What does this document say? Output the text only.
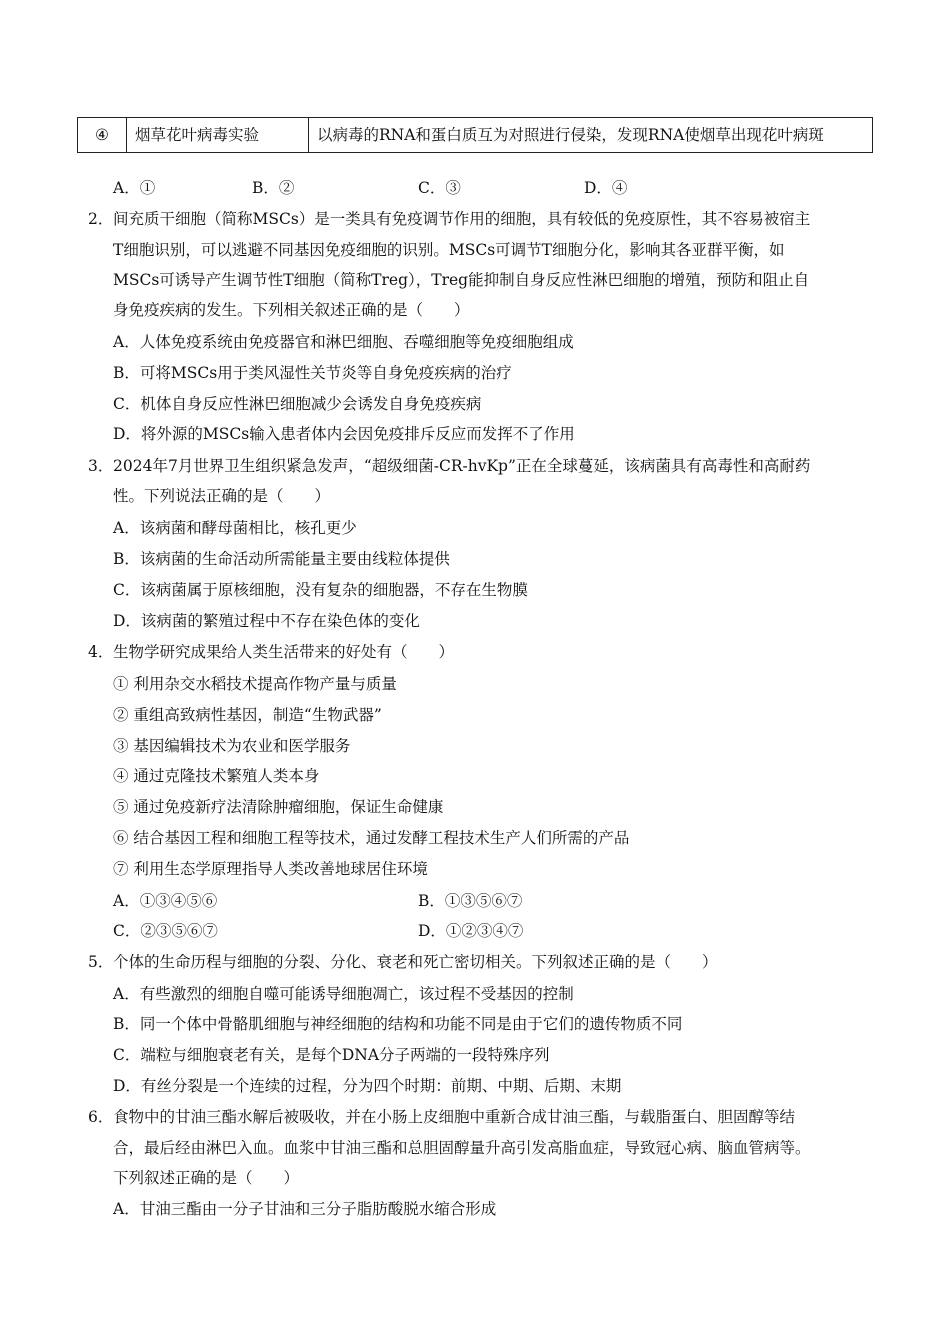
④	烟草花叶病毒实验	以病毒的RNA和蛋白质互为对照进行侵染，发现RNA使烟草出现花叶病斑
A．①	B．②	C．③	D．④
2． 间充质干细胞（简称MSCs）是一类具有免疫调节作用的细胞，具有较低的免疫原性，其不容易被宿主
T细胞识别，可以逃避不同基因免疫细胞的识别。MSCs可调节T细胞分化，影响其各亚群平衡，如
MSCs可诱导产生调节性T细胞（简称Treg），Treg能抑制自身反应性淋巴细胞的增殖，预防和阻止自
身免疫疾病的发生。下列相关叙述正确的是（　　）
A．人体免疫系统由免疫器官和淋巴细胞、吞噬细胞等免疫细胞组成
B．可将MSCs用于类风湿性关节炎等自身免疫疾病的治疗
C．机体自身反应性淋巴细胞减少会诱发自身免疫疾病
D．将外源的MSCs输入患者体内会因免疫排斥反应而发挥不了作用
3． 2024年7月世界卫生组织紧急发声，“超级细菌-CR-hvKp”正在全球蔓延，该病菌具有高毒性和高耐药
性。下列说法正确的是（　　）
A．该病菌和酵母菌相比，核孔更少
B．该病菌的生命活动所需能量主要由线粒体提供
C．该病菌属于原核细胞，没有复杂的细胞器，不存在生物膜
D．该病菌的繁殖过程中不存在染色体的变化
4． 生物学研究成果给人类生活带来的好处有（　　）
① 利用杂交水稻技术提高作物产量与质量
② 重组高致病性基因，制造“生物武器”
③ 基因编辑技术为农业和医学服务
④ 通过克隆技术繁殖人类本身
⑤ 通过免疫新疗法清除肿瘤细胞，保证生命健康
⑥ 结合基因工程和细胞工程等技术，通过发酵工程技术生产人们所需的产品
⑦ 利用生态学原理指导人类改善地球居住环境
A．①③④⑤⑥	B．①③⑤⑥⑦
C．②③⑤⑥⑦	D．①②③④⑦
5． 个体的生命历程与细胞的分裂、分化、衰老和死亡密切相关。下列叙述正确的是（　　）
A．有些激烈的细胞自噬可能诱导细胞凋亡，该过程不受基因的控制
B．同一个体中骨骼肌细胞与神经细胞的结构和功能不同是由于它们的遗传物质不同
C．端粒与细胞衰老有关，是每个DNA分子两端的一段特殊序列
D．有丝分裂是一个连续的过程，分为四个时期：前期、中期、后期、末期
6． 食物中的甘油三酯水解后被吸收，并在小肠上皮细胞中重新合成甘油三酯，与载脂蛋白、胆固醇等结
合，最后经由淋巴入血。血浆中甘油三酯和总胆固醇量升高引发高脂血症，导致冠心病、脑血管病等。
下列叙述正确的是（　　）
A．甘油三酯由一分子甘油和三分子脂肪酸脱水缩合形成
